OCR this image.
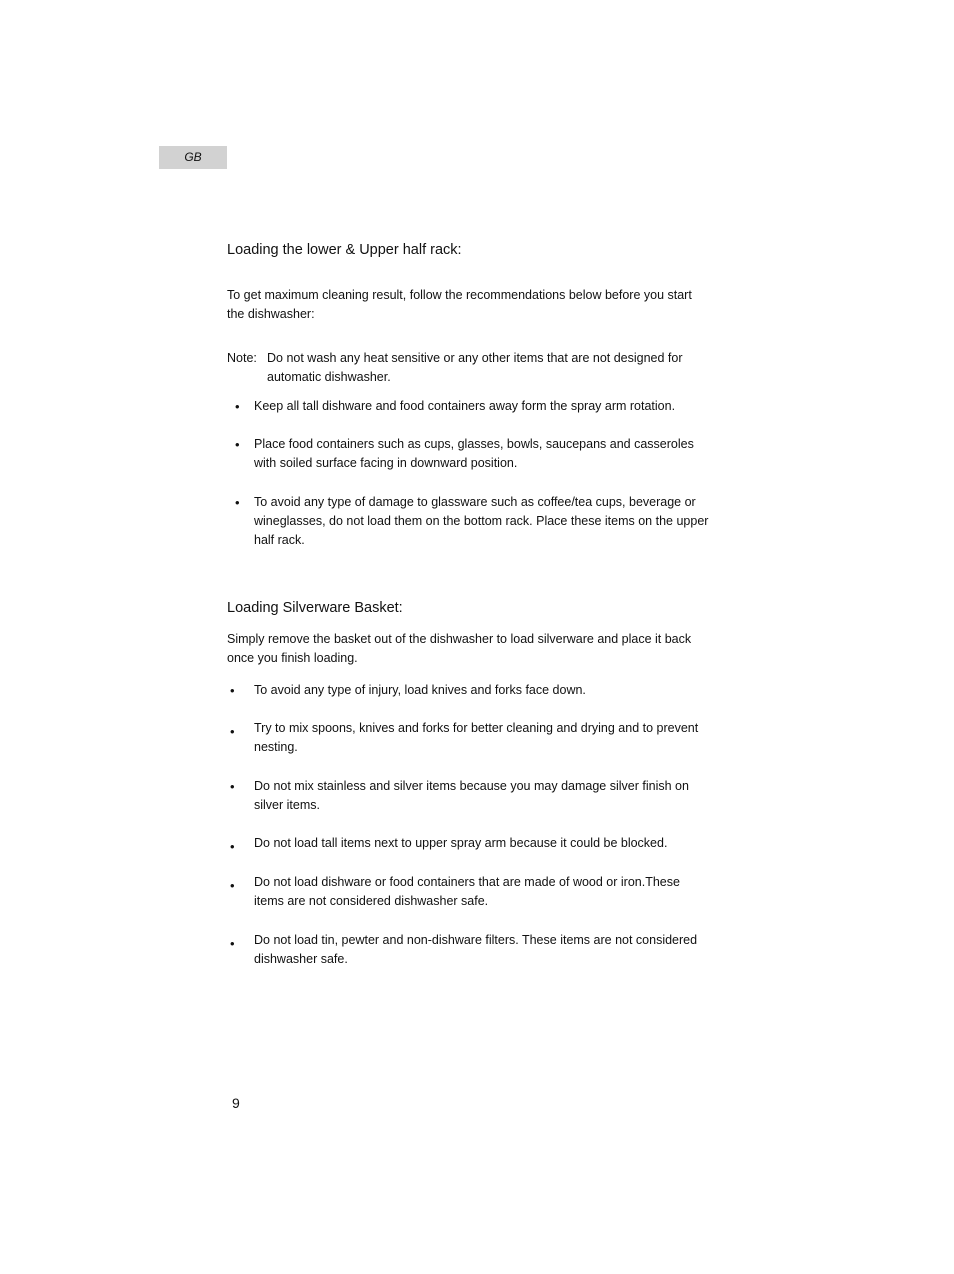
GB
Loading the lower & Upper half rack:
To get maximum cleaning result, follow the recommendations below before you start
the dishwasher:
Note: Do not wash any heat sensitive or any other items that are not designed for
automatic dishwasher.
• Keep all tall dishware and food containers away form the spray arm rotation.
• Place food containers such as cups, glasses, bowls, saucepans and casseroles
with soiled surface facing in downward position.
• To avoid any type of damage to glassware such as coffee/tea cups, beverage or
wineglasses, do not load them on the bottom rack. Place these items on the upper
half rack.
Loading Silverware Basket:
Simply remove the basket out of the dishwasher to load silverware and place it back
once you finish loading.
• To avoid any type of injury, load knives and forks face down.
• Try to mix spoons, knives and forks for better cleaning and drying and to prevent
nesting.
• Do not mix stainless and silver items because you may damage silver finish on
silver items.
• Do not load tall items next to upper spray arm because it could be blocked.
• Do not load dishware or food containers that are made of wood or iron.These
items are not considered dishwasher safe.
• Do not load tin, pewter and non-dishware filters. These items are not considered
dishwasher safe.
9
